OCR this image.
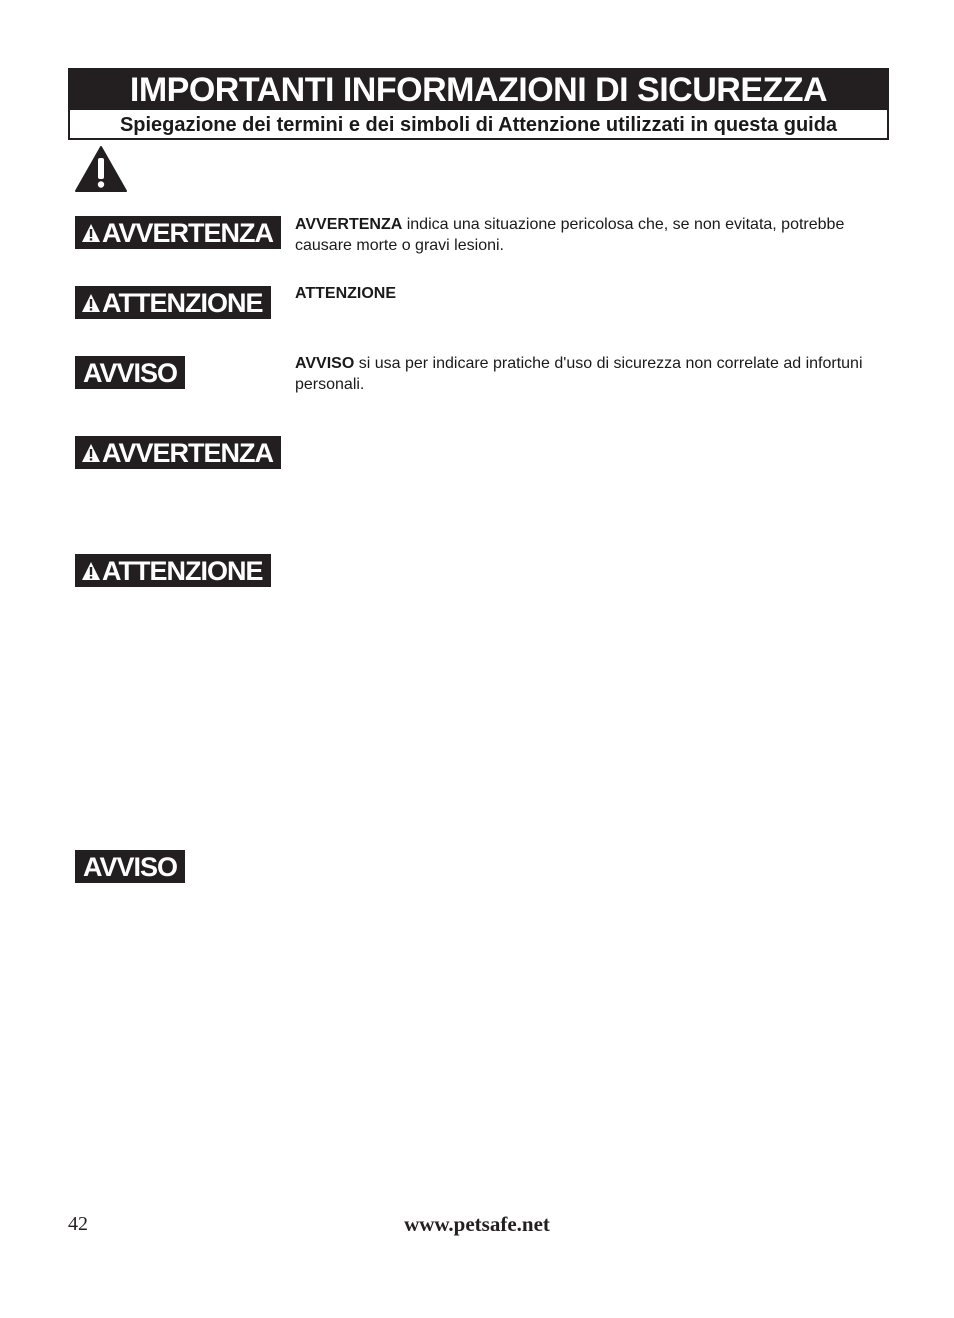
IMPORTANTI INFORMAZIONI DI SICUREZZA
Spiegazione dei termini e dei simboli di Attenzione utilizzati in questa guida
AVVERTENZA AVVERTENZA indica una situazione pericolosa che, se non evitata, potrebbe causare morte o gravi lesioni.
ATTENZIONE ATTENZIONE
AVVISO	AVVISO si usa per indicare pratiche d'uso di sicurezza non correlate ad infortuni personali.
AVVERTENZA
ATTENZIONE
AVVISO
42	www.petsafe.net
